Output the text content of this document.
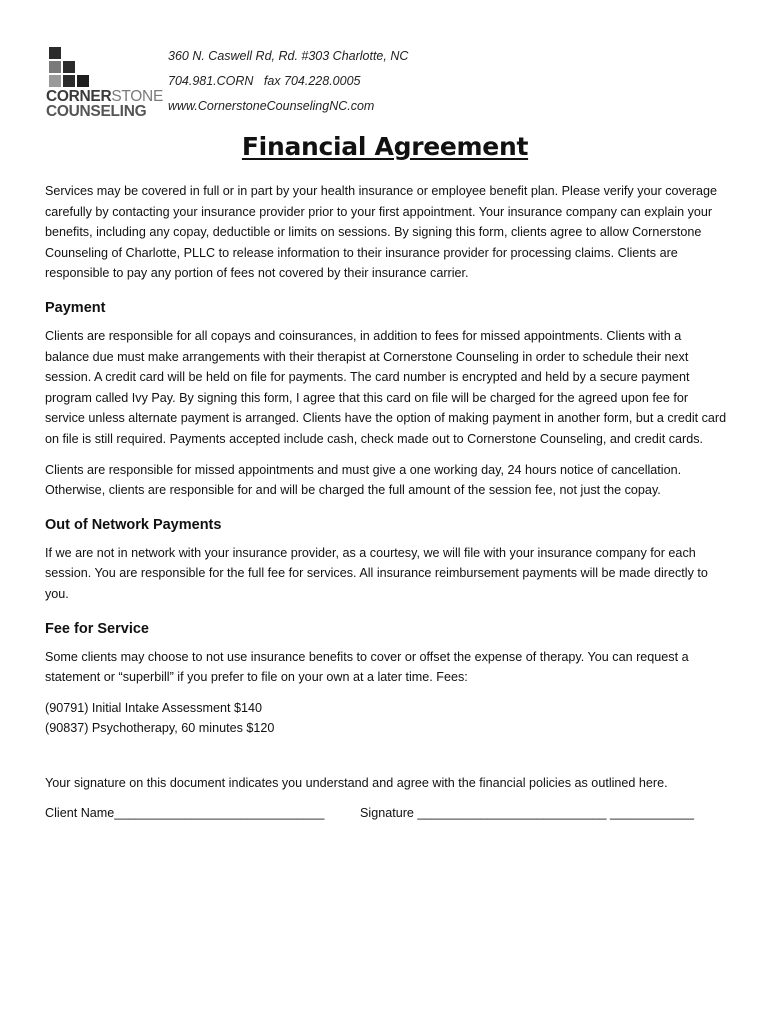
CORNERSTONE
COUNSELING
360 N. Caswell Rd, Rd. #303 Charlotte, NC
704.981.CORN   fax 704.228.0005
www.CornerstoneCounselingNC.com
Financial Agreement

Services may be covered in full or in part by your health insurance or employee benefit plan. Please verify your coverage carefully by contacting your insurance provider prior to your first appointment. Your insurance company can explain your benefits, including any copay, deductible or limits on sessions. By signing this form, clients agree to allow Cornerstone Counseling of Charlotte, PLLC to release information to their insurance provider for processing claims. Clients are responsible to pay any portion of fees not covered by their insurance carrier.

Payment

Clients are responsible for all copays and coinsurances, in addition to fees for missed appointments. Clients with a balance due must make arrangements with their therapist at Cornerstone Counseling in order to schedule their next session. A credit card will be held on file for payments. The card number is encrypted and held by a secure payment program called Ivy Pay. By signing this form, I agree that this card on file will be charged for the agreed upon fee for service unless alternate payment is arranged. Clients have the option of making payment in another form, but a credit card on file is still required. Payments accepted include cash, check made out to Cornerstone Counseling, and credit cards.

Clients are responsible for missed appointments and must give a one working day, 24 hours notice of cancellation. Otherwise, clients are responsible for and will be charged the full amount of the session fee, not just the copay.

Out of Network Payments

If we are not in network with your insurance provider, as a courtesy, we will file with your insurance company for each session. You are responsible for the full fee for services. All insurance reimbursement payments will be made directly to you.

Fee for Service

Some clients may choose to not use insurance benefits to cover or offset the expense of therapy. You can request a statement or “superbill” if you prefer to file on your own at a later time. Fees:

(90791) Initial Intake Assessment $140

(90837) Psychotherapy, 60 minutes $120

Your signature on this document indicates you understand and agree with the financial policies as outlined here.

Client Name______________________________	Signature ___________________________ ____________
